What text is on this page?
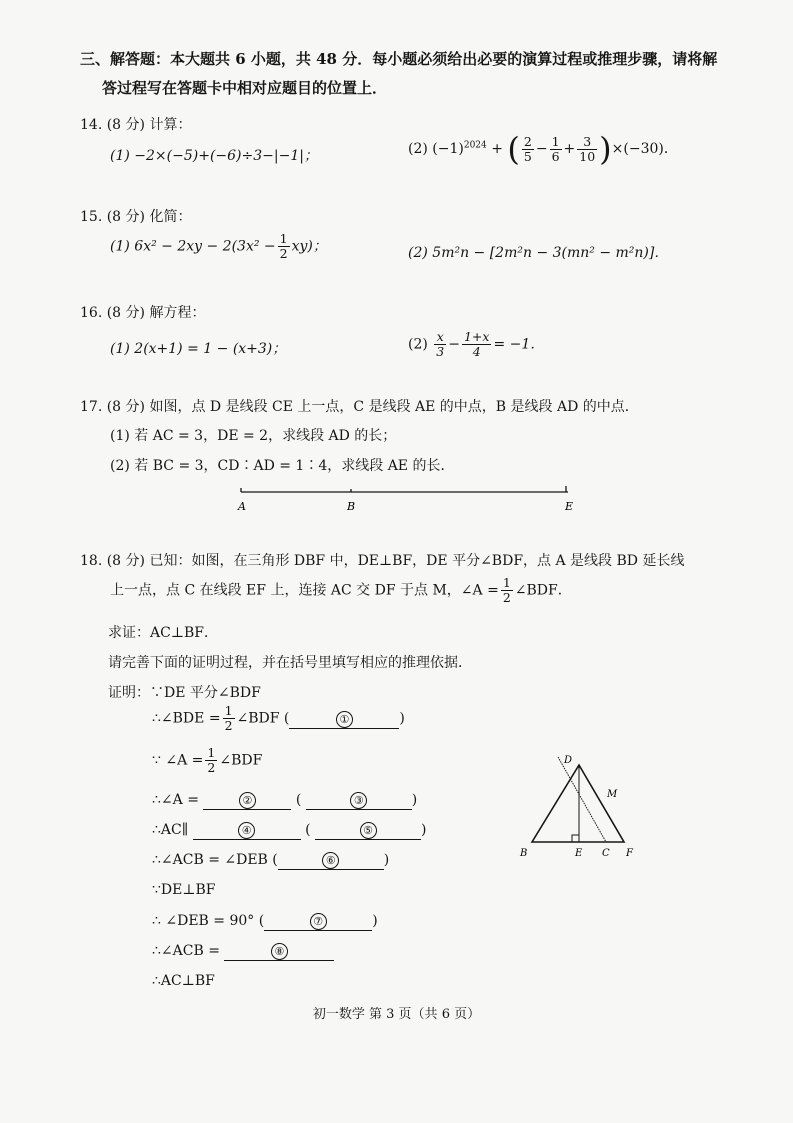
三、解答题：本大题共 6 小题，共 48 分．每小题必须给出必要的演算过程或推理步骤，请将解
答过程写在答题卡中相对应题目的位置上．
14. (8 分) 计算：
(1) −2×(−5)+(−6)÷3−|−1|；	(2) $(-1)^{2024}$ + ( $\frac{2}{5} - \frac{1}{6} + \frac{3}{10} )\times(-30)$．
15. (8 分) 化简：
(1) $6x^2 - 2xy - 2(3x^2 - \frac{1}{2} xy)$；	(2) 5m²n − [2m²n − 3(mn² − m²n)]．
16. (8 分) 解方程：
(1) 2(x+1) = 1 − (x+3)；	$(2) \frac{x}{3} - \frac{1+x}{4} = -1$．
17. (8 分) 如图，点 D 是线段 CE 上一点，C 是线段 AE 的中点，B 是线段 AD 的中点．
(1) 若 AC = 3，DE = 2，求线段 AD 的长；
(2) 若 BC = 3，CD∶AD = 1∶4，求线段 AE 的长．
A	B	E
18. (8 分) 已知：如图，在三角形 DBF 中，DE⊥BF，DE 平分∠BDF，点 A 是线段 BD 延长线
上一点，点 C 在线段 EF 上，连接 AC 交 DF 于点 M，∠A = $\frac{1}{2}$ ∠BDF．
求证：AC⊥BF．
请完善下面的证明过程，并在括号里填写相应的推理依据．
证明：∵DE 平分∠BDF
∴∠BDE = $\frac{1}{2}$ ∠BDF (	①	)
∵ ∠A = $\frac{1}{2}$ ∠BDF
∴∠A =	②	(	③	)
∴AC∥	④	(	⑤	)
∴∠ACB = ∠DEB (	⑥	)
∵DE⊥BF
∴ ∠DEB = 90° (	⑦	)
∴∠ACB =	⑧
∴AC⊥BF
D
M
B	E C F
初一数学 第 3 页（共 6 页）
